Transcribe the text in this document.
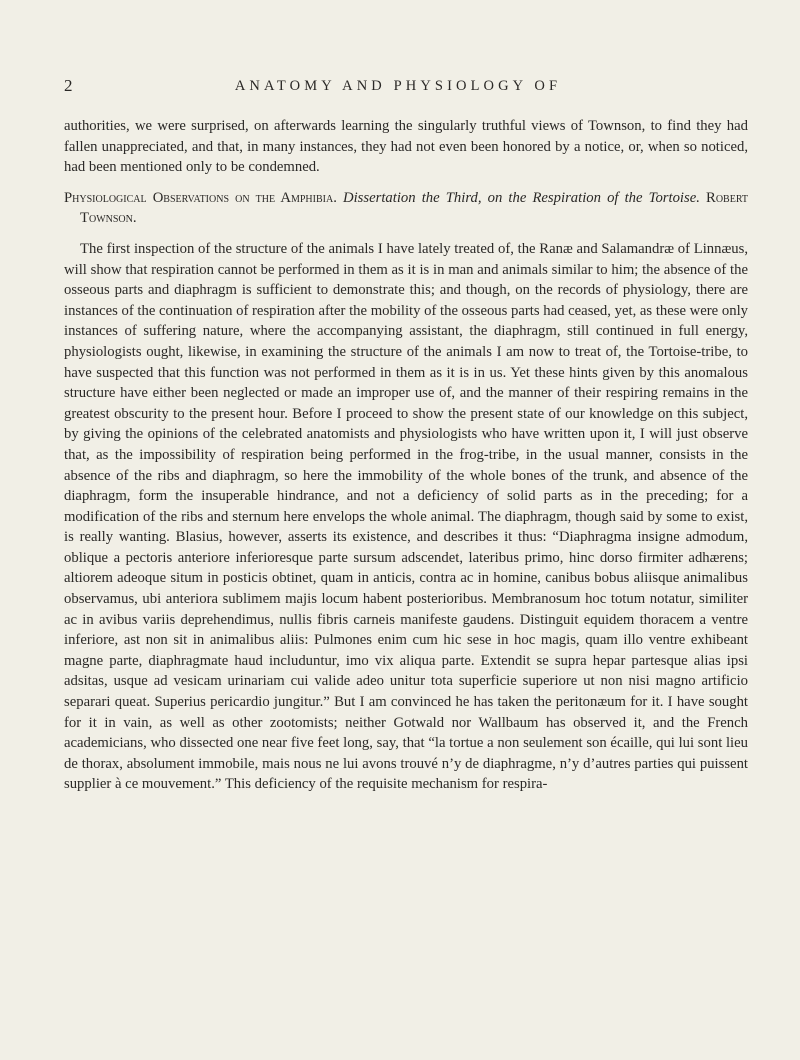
2	ANATOMY AND PHYSIOLOGY OF

authorities, we were surprised, on afterwards learning the singularly truthful views of Townson, to find they had fallen unappreciated, and that, in many instances, they had not even been honored by a notice, or, when so noticed, had been mentioned only to be condemned.

Physiological Observations on the Amphibia. Dissertation the Third, on the Respiration of the Tortoise. Robert Townson.

The first inspection of the structure of the animals I have lately treated of, the Ranæ and Salamandræ of Linnæus, will show that respiration cannot be performed in them as it is in man and animals similar to him; the absence of the osseous parts and diaphragm is sufficient to demonstrate this; and though, on the records of physiology, there are instances of the continuation of respiration after the mobility of the osseous parts had ceased, yet, as these were only instances of suffering nature, where the accompanying assistant, the diaphragm, still continued in full energy, physiologists ought, likewise, in examining the structure of the animals I am now to treat of, the Tortoise-tribe, to have suspected that this function was not performed in them as it is in us. Yet these hints given by this anomalous structure have either been neglected or made an improper use of, and the manner of their respiring remains in the greatest obscurity to the present hour. Before I proceed to show the present state of our knowledge on this subject, by giving the opinions of the celebrated anatomists and physiologists who have written upon it, I will just observe that, as the impossibility of respiration being performed in the frog-tribe, in the usual manner, consists in the absence of the ribs and diaphragm, so here the immobility of the whole bones of the trunk, and absence of the diaphragm, form the insuperable hindrance, and not a deficiency of solid parts as in the preceding; for a modification of the ribs and sternum here envelops the whole animal. The diaphragm, though said by some to exist, is really wanting. Blasius, however, asserts its existence, and describes it thus: “Diaphragma insigne admodum, oblique a pectoris anteriore inferioresque parte sursum adscendet, lateribus primo, hinc dorso firmiter adhærens; altiorem adeoque situm in posticis obtinet, quam in anticis, contra ac in homine, canibus bobus aliisque animalibus observamus, ubi anteriora sublimem majis locum habent posterioribus. Membranosum hoc totum notatur, similiter ac in avibus variis deprehendimus, nullis fibris carneis manifeste gaudens. Distinguit equidem thoracem a ventre inferiore, ast non sit in animalibus aliis: Pulmones enim cum hic sese in hoc magis, quam illo ventre exhibeant magne parte, diaphragmate haud includuntur, imo vix aliqua parte. Extendit se supra hepar partesque alias ipsi adsitas, usque ad vesicam urinariam cui valide adeo unitur tota superficie superiore ut non nisi magno artificio separari queat. Superius pericardio jungitur.” But I am convinced he has taken the peritonæum for it. I have sought for it in vain, as well as other zootomists; neither Gotwald nor Wallbaum has observed it, and the French academicians, who dissected one near five feet long, say, that “la tortue a non seulement son écaille, qui lui sont lieu de thorax, absolument immobile, mais nous ne lui avons trouvé n’y de diaphragme, n’y d’autres parties qui puissent supplier à ce mouvement.” This deficiency of the requisite mechanism for respira-
